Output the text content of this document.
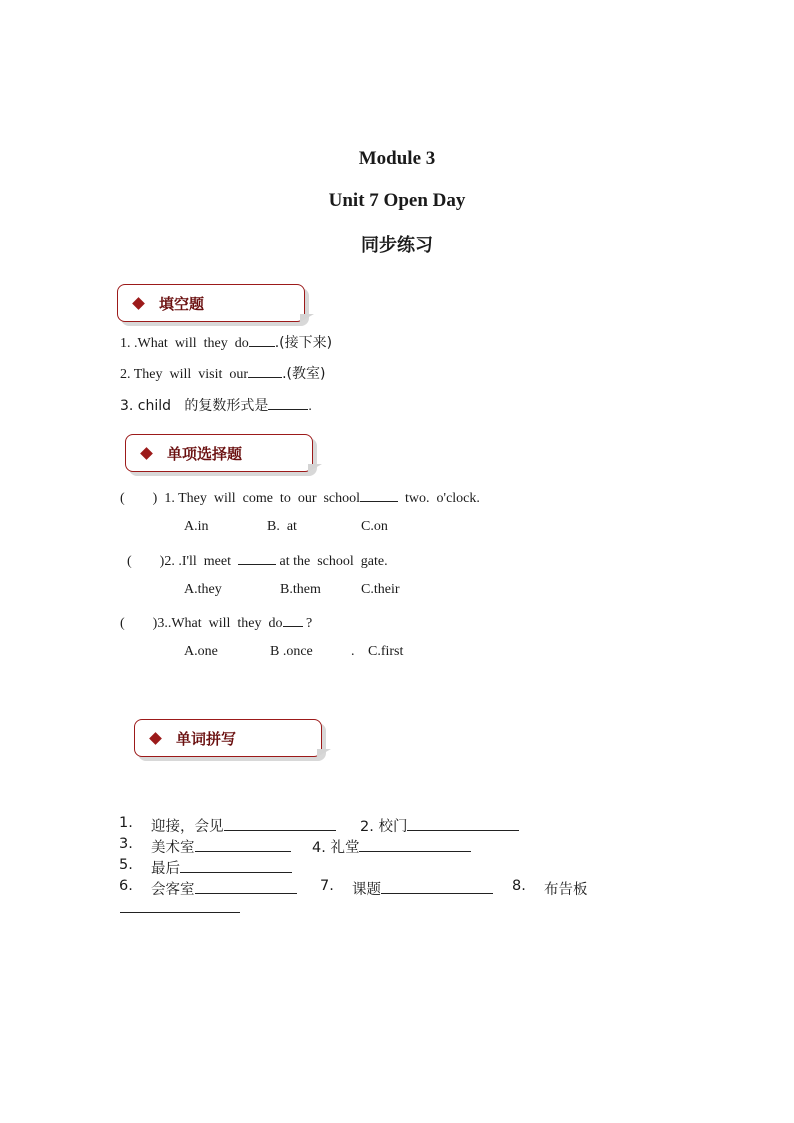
Module 3
Unit 7 Open Day
同步练习
填空题
1. .What  will  they  do .(接下来)
2. They  will  visit  our .(教室)
3. child   的复数形式是	.
单项选择题
(        )  1. They  will  come  to  our  school	two.  o'clock.
A.in	B.  at	C.on
(        )2. .I'll  meet	at the  school  gate.
A.they	B.them	C.their
(        )3..What  will  they  do ?
A.one	B .once	. C.first
单词拼写
1. 迎接，会见	2. 校门
3. 美术室	4. 礼堂
5. 最后
6. 会客室	7. 课题	8. 布告板
